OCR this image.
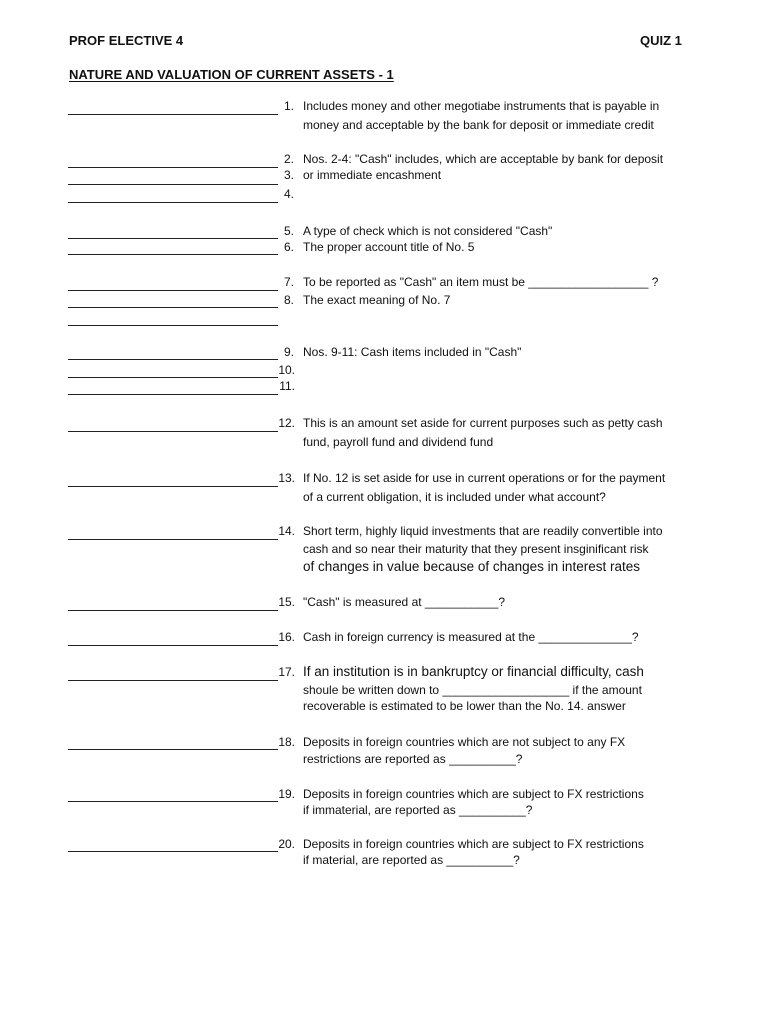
PROF ELECTIVE 4	QUIZ 1
NATURE AND VALUATION OF CURRENT ASSETS - 1
1. Includes money and other megotiabe instruments that is payable in
money and acceptable by the bank for deposit or immediate credit
2. Nos. 2-4: "Cash" includes, which are acceptable by bank for deposit
3. or immediate encashment
4.
5. A type of check which is not considered "Cash"
6. The proper account title of No. 5
7. To be reported as "Cash" an item must be __________________ ?
8. The exact meaning of No. 7
9. Nos. 9-11: Cash items included in "Cash"
10.
11.
12. This is an amount set aside for current purposes such as petty cash
fund, payroll fund and dividend fund
13. If No. 12 is set aside for use in current operations or for the payment
of a current obligation, it is included under what account?
14. Short term, highly liquid investments that are readily convertible into
cash and so near their maturity that they present insginificant risk
of changes in value because of changes in interest rates
15. "Cash" is measured at ___________?
16. Cash in foreign currency is measured at the ______________?
17. If an institution is in bankruptcy or financial difficulty, cash
shoule be written down to ___________________ if the amount
recoverable is estimated to be lower than the No. 14. answer
18. Deposits in foreign countries which are not subject to any FX
restrictions are reported as __________?
19. Deposits in foreign countries which are subject to FX restrictions
if immaterial, are reported as __________?
20. Deposits in foreign countries which are subject to FX restrictions
if material, are reported as __________?
